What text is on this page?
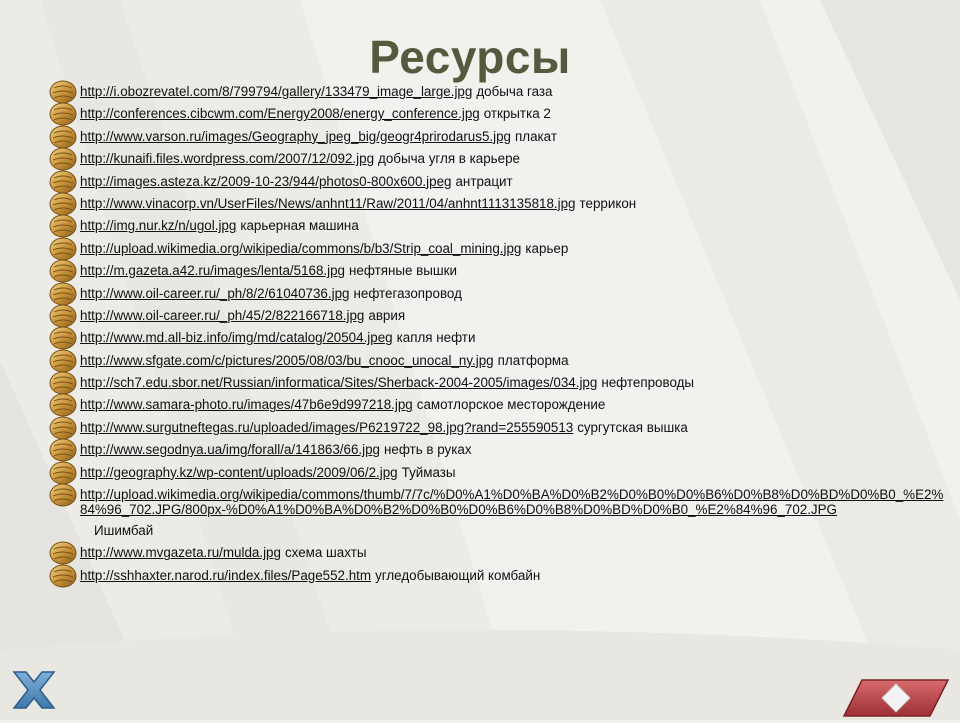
Ресурсы
http://i.obozrevatel.com/8/799794/gallery/133479_image_large.jpg добыча газа
http://conferences.cibcwm.com/Energy2008/energy_conference.jpg открытка 2
http://www.varson.ru/images/Geography_jpeg_big/geogr4prirodarus5.jpg плакат
http://kunaifi.files.wordpress.com/2007/12/092.jpg добыча угля в карьере
http://images.asteza.kz/2009-10-23/944/photos0-800x600.jpeg антрацит
http://www.vinacorp.vn/UserFiles/News/anhnt11/Raw/2011/04/anhnt1113135818.jpg террикон
http://img.nur.kz/n/ugol.jpg карьерная машина
http://upload.wikimedia.org/wikipedia/commons/b/b3/Strip_coal_mining.jpg карьер
http://m.gazeta.a42.ru/images/lenta/5168.jpg нефтяные вышки
http://www.oil-career.ru/_ph/8/2/61040736.jpg нефтегазопровод
http://www.oil-career.ru/_ph/45/2/822166718.jpg аврия
http://www.md.all-biz.info/img/md/catalog/20504.jpeg капля нефти
http://www.sfgate.com/c/pictures/2005/08/03/bu_cnooc_unocal_ny.jpg платформа
http://sch7.edu.sbor.net/Russian/informatica/Sites/Sherback-2004-2005/images/034.jpg нефтепроводы
http://www.samara-photo.ru/images/47b6e9d997218.jpg самотлорское месторождение
http://www.surgutneftegas.ru/uploaded/images/P6219722_98.jpg?rand=255590513 сургутская вышка
http://www.segodnya.ua/img/forall/a/141863/66.jpg нефть в руках
http://geography.kz/wp-content/uploads/2009/06/2.jpg Туймазы
http://upload.wikimedia.org/wikipedia/commons/thumb/7/7c/%D0%A1%D0%BA%D0%B2%D0%B0%D0%B6%D0%B8%D0%BD%D0%B0_%E2%84%96_702.JPG/800px-%D0%A1%D0%BA%D0%B2%D0%B0%D0%B6%D0%B8%D0%BD%D0%B0_%E2%84%96_702.JPG
Ишимбай
http://www.mvgazeta.ru/mulda.jpg схема шахты
http://sshhaxter.narod.ru/index.files/Page552.htm угледобывающий комбайн
